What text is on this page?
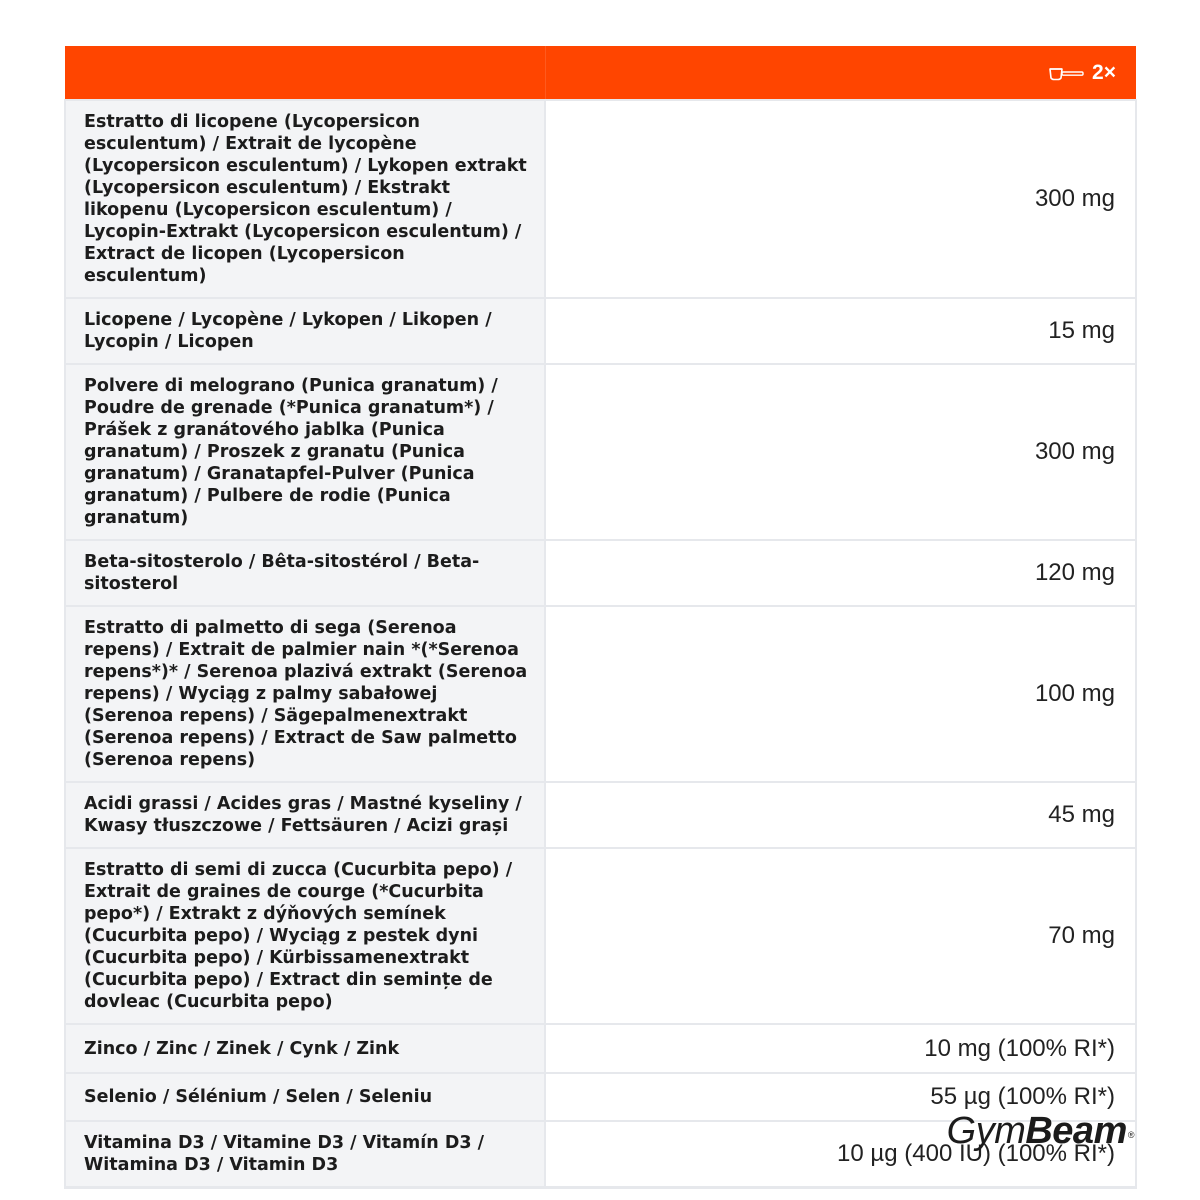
	2×

Estratto di licopene (Lycopersicon esculentum) / Extrait de lycopène (Lycopersicon esculentum) / Lykopen extrakt (Lycopersicon esculentum) / Ekstrakt likopenu (Lycopersicon esculentum) / Lycopin-Extrakt (Lycopersicon esculentum) / Extract de licopen (Lycopersicon esculentum)	300 mg
Licopene / Lycopène / Lykopen / Likopen / Lycopin / Licopen	15 mg
Polvere di melograno (Punica granatum) / Poudre de grenade (*Punica granatum*) / Prášek z granátového jablka (Punica granatum) / Proszek z granatu (Punica granatum) / Granatapfel-Pulver (Punica granatum) / Pulbere de rodie (Punica granatum)	300 mg
Beta-sitosterolo / Bêta-sitostérol / Beta-sitosterol	120 mg
Estratto di palmetto di sega (Serenoa repens) / Extrait de palmier nain *(*Serenoa repens*)* / Serenoa plazivá extrakt (Serenoa repens) / Wyciąg z palmy sabałowej (Serenoa repens) / Sägepalmenextrakt (Serenoa repens) / Extract de Saw palmetto (Serenoa repens)	100 mg
Acidi grassi / Acides gras / Mastné kyseliny / Kwasy tłuszczowe / Fettsäuren / Acizi grași	45 mg
Estratto di semi di zucca (Cucurbita pepo) / Extrait de graines de courge (*Cucurbita pepo*) / Extrakt z dýňových semínek (Cucurbita pepo) / Wyciąg z pestek dyni (Cucurbita pepo) / Kürbissamenextrakt (Cucurbita pepo) / Extract din semințe de dovleac (Cucurbita pepo)	70 mg
Zinco / Zinc / Zinek / Cynk / Zink	10 mg (100% RI*)
Selenio / Sélénium / Selen / Seleniu	55 µg (100% RI*)
Vitamina D3 / Vitamine D3 / Vitamín D3 / Witamina D3 / Vitamin D3	10 µg (400 IU) (100% RI*)
GymBeam®
